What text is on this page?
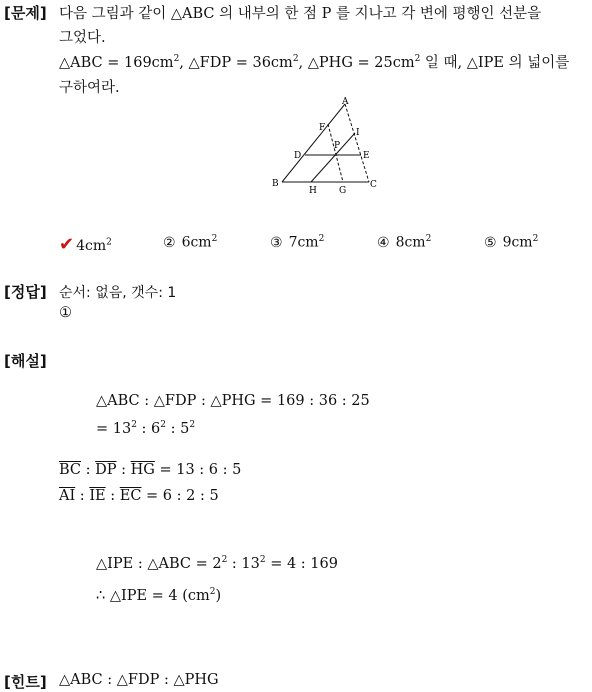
[문제] 다음 그림과 같이 △ABC 의 내부의 한 점 P 를 지나고 각 변에 평행인 선분을
그었다.
△ABC = $169cm^2$, △FDP = $36cm^2$, △PHG = $25cm^2$ 일 때, △IPE 의 넓이를
구하여라.
A
B	C
D	E
F
G
H
I
P
✔ $4cm^2$	② $6cm^2$	③ $7cm^2$	④ $8cm^2$	⑤ $9cm^2$
[정답] 순서: 없음, 갯수: 1
①
[해설]
△ABC : △FDP : △PHG = 169 : 36 : 25
= $13^2$ : $6^2$ : $5^2$
$\overline{BC}$ : $\overline{DP}$ : $\overline{HG} = 13$ : 6 : 5
$\overline{AI}$ : $\overline{IE}$ : $\overline{EC} = 6$ : 2 : 5
△IPE : △ABC = $2^2$ : $13^2 = 4$ : 169
∴ △IPE = 4 $(cm^2)$
[힌트] △ABC : △FDP : △PHG
